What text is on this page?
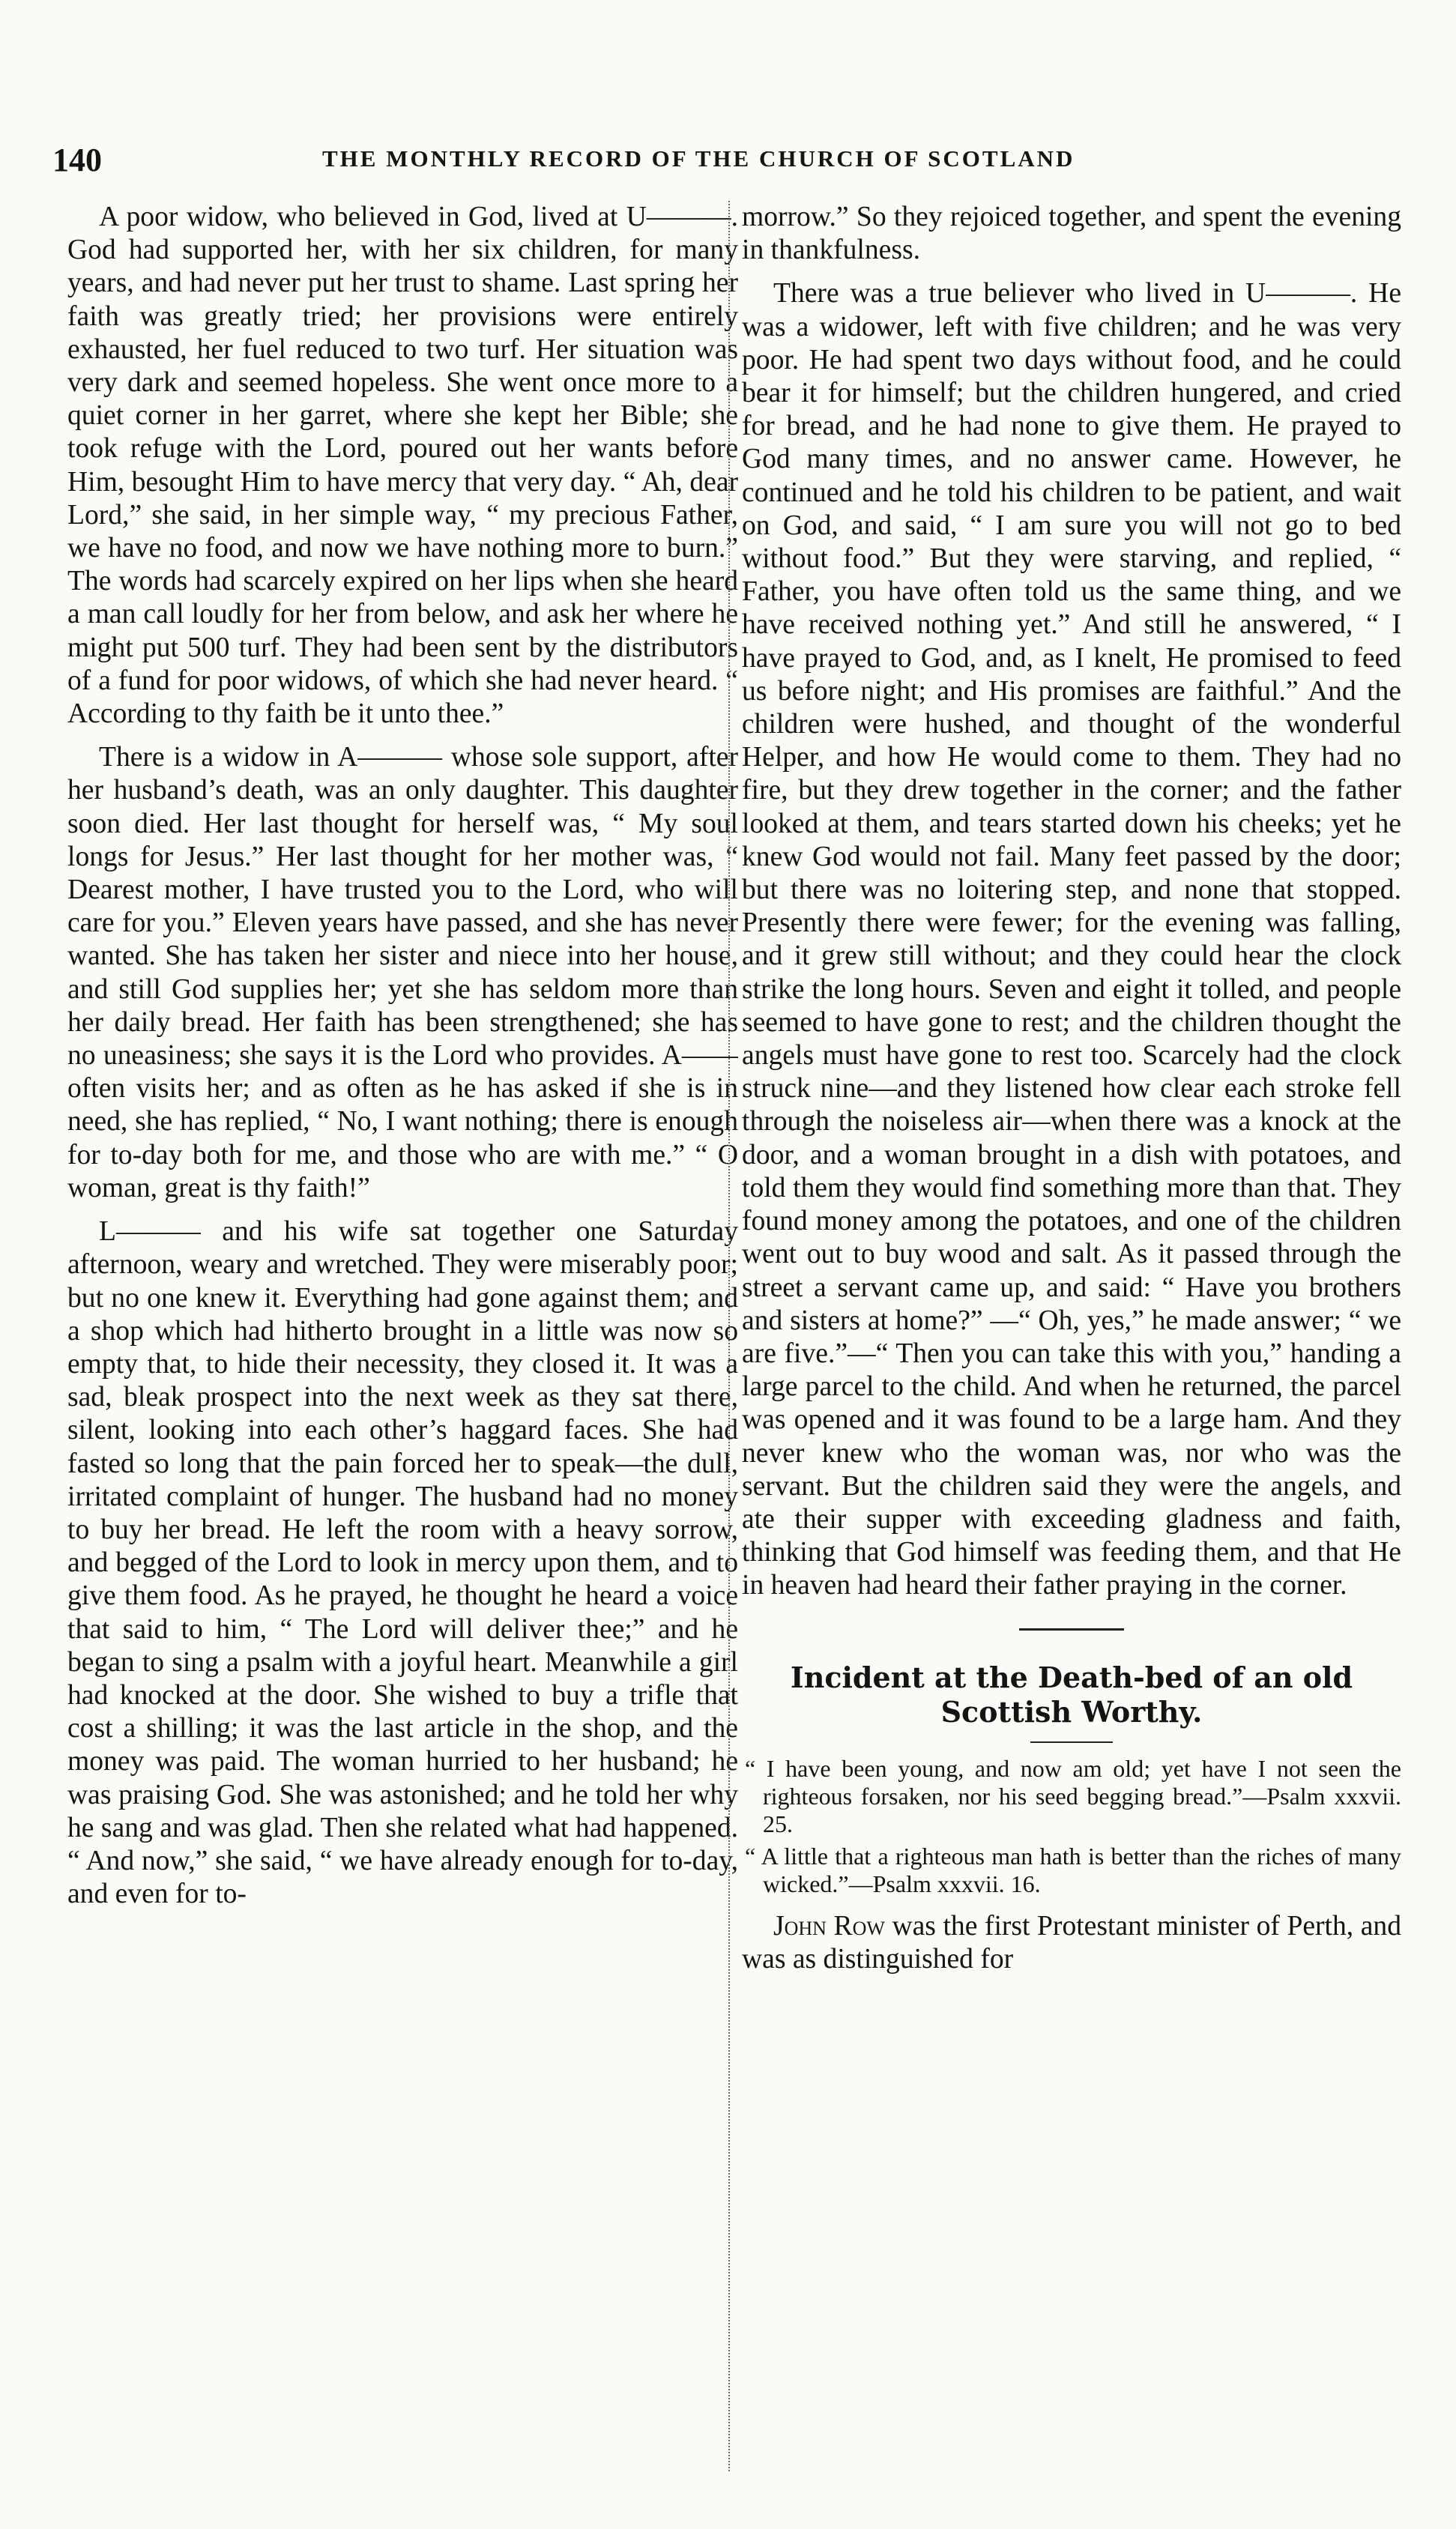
140	THE MONTHLY RECORD OF THE CHURCH OF SCOTLAND

A poor widow, who believed in God, lived at U———. God had supported her, with her six children, for many years, and had never put her trust to shame. Last spring her faith was greatly tried; her provisions were entirely exhausted, her fuel reduced to two turf. Her situation was very dark and seemed hopeless. She went once more to a quiet corner in her garret, where she kept her Bible; she took refuge with the Lord, poured out her wants before Him, besought Him to have mercy that very day. “ Ah, dear Lord,” she said, in her simple way, “ my precious Father, we have no food, and now we have nothing more to burn.” The words had scarcely expired on her lips when she heard a man call loudly for her from below, and ask her where he might put 500 turf. They had been sent by the distributors of a fund for poor widows, of which she had never heard. “ According to thy faith be it unto thee.”

There is a widow in A——— whose sole support, after her husband’s death, was an only daughter. This daughter soon died. Her last thought for herself was, “ My soul longs for Jesus.” Her last thought for her mother was, “ Dearest mother, I have trusted you to the Lord, who will care for you.” Eleven years have passed, and she has never wanted. She has taken her sister and niece into her house, and still God supplies her; yet she has seldom more than her daily bread. Her faith has been strengthened; she has no uneasiness; she says it is the Lord who provides. A—— often visits her; and as often as he has asked if she is in need, she has replied, “ No, I want nothing; there is enough for to-day both for me, and those who are with me.” “ O woman, great is thy faith!”

L——— and his wife sat together one Saturday afternoon, weary and wretched. They were miserably poor; but no one knew it. Everything had gone against them; and a shop which had hitherto brought in a little was now so empty that, to hide their necessity, they closed it. It was a sad, bleak prospect into the next week as they sat there, silent, looking into each other’s haggard faces. She had fasted so long that the pain forced her to speak—the dull, irritated complaint of hunger. The husband had no money to buy her bread. He left the room with a heavy sorrow, and begged of the Lord to look in mercy upon them, and to give them food. As he prayed, he thought he heard a voice that said to him, “ The Lord will deliver thee;” and he began to sing a psalm with a joyful heart. Meanwhile a girl had knocked at the door. She wished to buy a trifle that cost a shilling; it was the last article in the shop, and the money was paid. The woman hurried to her husband; he was praising God. She was astonished; and he told her why he sang and was glad. Then she related what had happened. “ And now,” she said, “ we have already enough for to-day, and even for to-

morrow.” So they rejoiced together, and spent the evening in thankfulness.

There was a true believer who lived in U———. He was a widower, left with five children; and he was very poor. He had spent two days without food, and he could bear it for himself; but the children hungered, and cried for bread, and he had none to give them. He prayed to God many times, and no answer came. However, he continued and he told his children to be patient, and wait on God, and said, “ I am sure you will not go to bed without food.” But they were starving, and replied, “ Father, you have often told us the same thing, and we have received nothing yet.” And still he answered, “ I have prayed to God, and, as I knelt, He promised to feed us before night; and His promises are faithful.” And the children were hushed, and thought of the wonderful Helper, and how He would come to them. They had no fire, but they drew together in the corner; and the father looked at them, and tears started down his cheeks; yet he knew God would not fail. Many feet passed by the door; but there was no loitering step, and none that stopped. Presently there were fewer; for the evening was falling, and it grew still without; and they could hear the clock strike the long hours. Seven and eight it tolled, and people seemed to have gone to rest; and the children thought the angels must have gone to rest too. Scarcely had the clock struck nine—and they listened how clear each stroke fell through the noiseless air—when there was a knock at the door, and a woman brought in a dish with potatoes, and told them they would find something more than that. They found money among the potatoes, and one of the children went out to buy wood and salt. As it passed through the street a servant came up, and said: “ Have you brothers and sisters at home?” —“ Oh, yes,” he made answer; “ we are five.”—“ Then you can take this with you,” handing a large parcel to the child. And when he returned, the parcel was opened and it was found to be a large ham. And they never knew who the woman was, nor who was the servant. But the children said they were the angels, and ate their supper with exceeding gladness and faith, thinking that God himself was feeding them, and that He in heaven had heard their father praying in the corner.

Incident at the Death-bed of an old Scottish Worthy.
“ I have been young, and now am old; yet have I not seen the righteous forsaken, nor his seed begging bread.”—Psalm xxxvii. 25.
“ A little that a righteous man hath is better than the riches of many wicked.”—Psalm xxxvii. 16.

John Row was the first Protestant minister of Perth, and was as distinguished for
